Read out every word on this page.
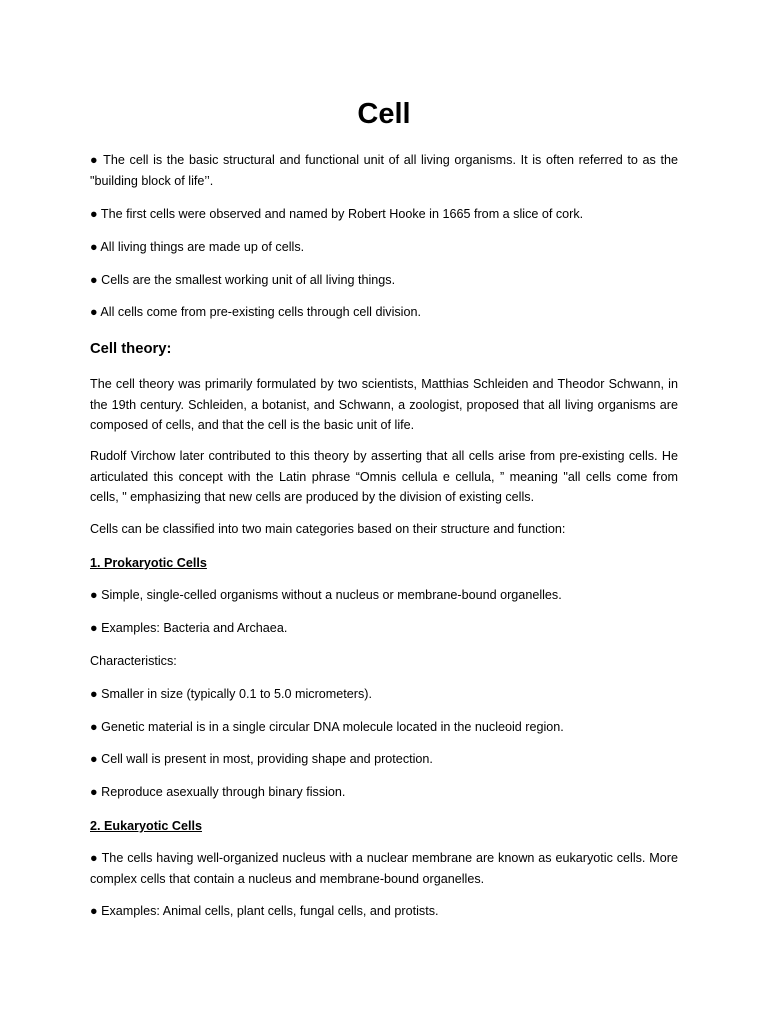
Cell

● The cell is the basic structural and functional unit of all living organisms. It is often referred to as the "building block of life’’.

● The first cells were observed and named by Robert Hooke in 1665 from a slice of cork.

● All living things are made up of cells.

● Cells are the smallest working unit of all living things.

● All cells come from pre-existing cells through cell division.

Cell theory:

The cell theory was primarily formulated by two scientists, Matthias Schleiden and Theodor Schwann, in the 19th century. Schleiden, a botanist, and Schwann, a zoologist, proposed that all living organisms are composed of cells, and that the cell is the basic unit of life.

Rudolf Virchow later contributed to this theory by asserting that all cells arise from pre-existing cells. He articulated this concept with the Latin phrase “Omnis cellula e cellula, ” meaning "all cells come from cells, " emphasizing that new cells are produced by the division of existing cells.

Cells can be classified into two main categories based on their structure and function:

1. Prokaryotic Cells

● Simple, single-celled organisms without a nucleus or membrane-bound organelles.

● Examples: Bacteria and Archaea.

Characteristics:

● Smaller in size (typically 0.1 to 5.0 micrometers).

● Genetic material is in a single circular DNA molecule located in the nucleoid region.

● Cell wall is present in most, providing shape and protection.

● Reproduce asexually through binary fission.

2. Eukaryotic Cells

● The cells having well-organized nucleus with a nuclear membrane are known as eukaryotic cells. More complex cells that contain a nucleus and membrane-bound organelles.

● Examples: Animal cells, plant cells, fungal cells, and protists.
